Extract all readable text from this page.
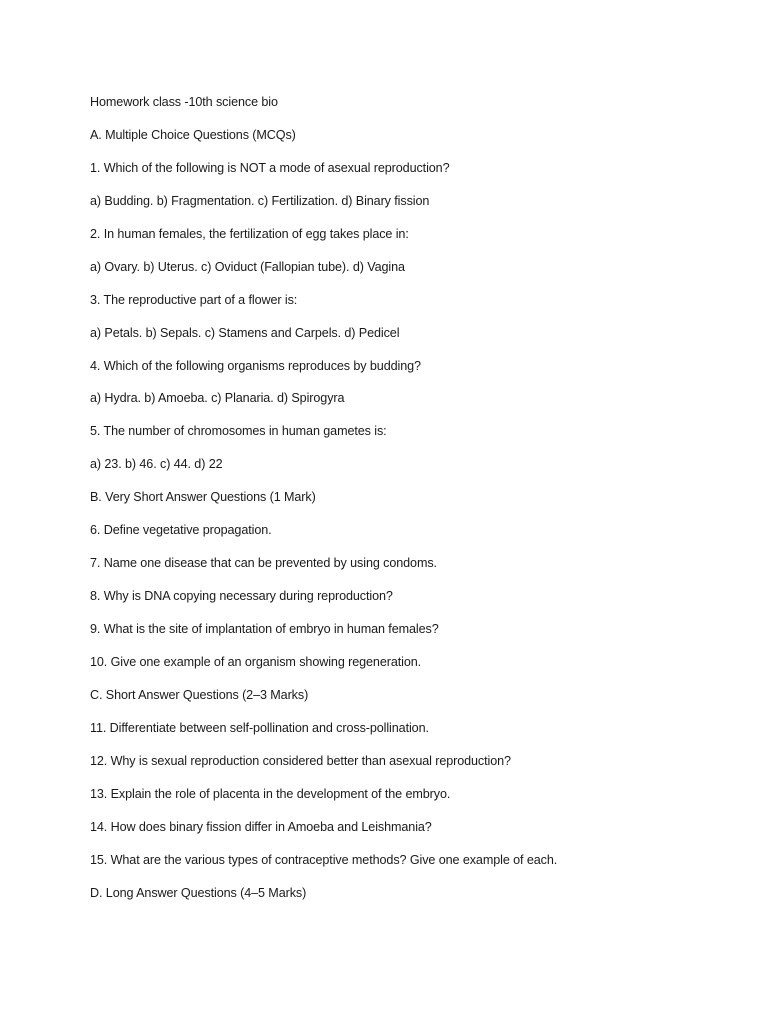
Homework class -10th science bio

A. Multiple Choice Questions (MCQs)

1. Which of the following is NOT a mode of asexual reproduction?

a) Budding. b) Fragmentation. c) Fertilization. d) Binary fission

2. In human females, the fertilization of egg takes place in:

a) Ovary. b) Uterus. c) Oviduct (Fallopian tube). d) Vagina

3. The reproductive part of a flower is:

a) Petals. b) Sepals. c) Stamens and Carpels. d) Pedicel

4. Which of the following organisms reproduces by budding?

a) Hydra. b) Amoeba. c) Planaria. d) Spirogyra

5. The number of chromosomes in human gametes is:

a) 23. b) 46. c) 44. d) 22

B. Very Short Answer Questions (1 Mark)

6. Define vegetative propagation.

7. Name one disease that can be prevented by using condoms.

8. Why is DNA copying necessary during reproduction?

9. What is the site of implantation of embryo in human females?

10. Give one example of an organism showing regeneration.

C. Short Answer Questions (2–3 Marks)

11. Differentiate between self-pollination and cross-pollination.

12. Why is sexual reproduction considered better than asexual reproduction?

13. Explain the role of placenta in the development of the embryo.

14. How does binary fission differ in Amoeba and Leishmania?

15. What are the various types of contraceptive methods? Give one example of each.

D. Long Answer Questions (4–5 Marks)
